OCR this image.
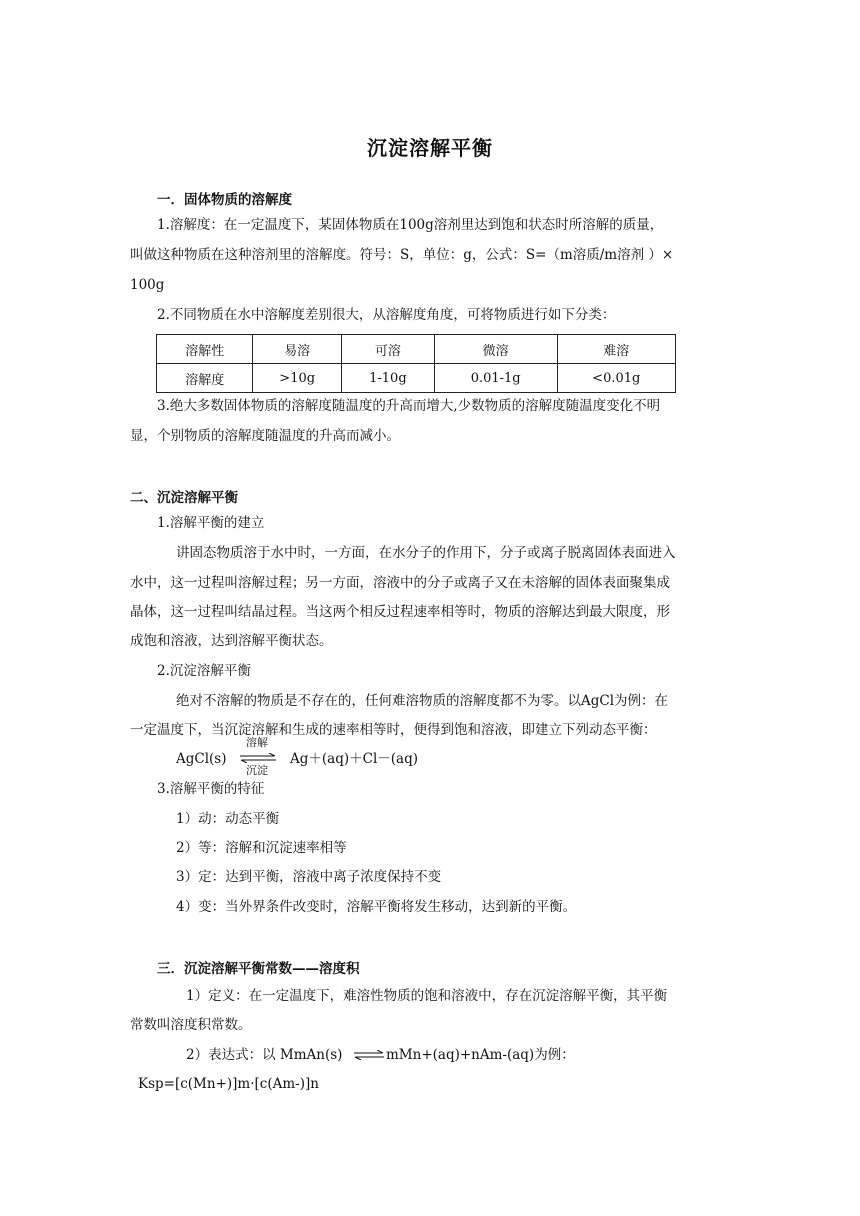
沉淀溶解平衡
一．固体物质的溶解度
1.溶解度：在一定温度下，某固体物质在100g溶剂里达到饱和状态时所溶解的质量，
叫做这种物质在这种溶剂里的溶解度。符号：S，单位：g，公式：S=（m溶质/m溶剂 ）×
100g
2.不同物质在水中溶解度差别很大，从溶解度角度，可将物质进行如下分类：
溶解性	易溶	可溶	微溶	难溶
溶解度	>10g	1-10g	0.01-1g	<0.01g
3.绝大多数固体物质的溶解度随温度的升高而增大,少数物质的溶解度随温度变化不明
显，个别物质的溶解度随温度的升高而减小。
二、沉淀溶解平衡
1.溶解平衡的建立
讲固态物质溶于水中时，一方面，在水分子的作用下，分子或离子脱离固体表面进入
水中，这一过程叫溶解过程；另一方面，溶液中的分子或离子又在未溶解的固体表面聚集成
晶体，这一过程叫结晶过程。当这两个相反过程速率相等时，物质的溶解达到最大限度，形
成饱和溶液，达到溶解平衡状态。
2.沉淀溶解平衡
绝对不溶解的物质是不存在的，任何难溶物质的溶解度都不为零。以AgCl为例：在
一定温度下，当沉淀溶解和生成的速率相等时，便得到饱和溶液，即建立下列动态平衡：
AgCl(s)
溶解
沉淀
Ag＋(aq)＋Cl－(aq)
3.溶解平衡的特征
1）动：动态平衡
2）等：溶解和沉淀速率相等
3）定：达到平衡，溶液中离子浓度保持不变
4）变：当外界条件改变时，溶解平衡将发生移动，达到新的平衡。
三．沉淀溶解平衡常数——溶度积
1）定义：在一定温度下，难溶性物质的饱和溶液中，存在沉淀溶解平衡，其平衡
常数叫溶度积常数。
2）表达式：以 MmAn(s) ⇌ mMn+(aq)+nAm-(aq)为例：
Ksp=[c(Mn+)]m·[c(Am-)]n
